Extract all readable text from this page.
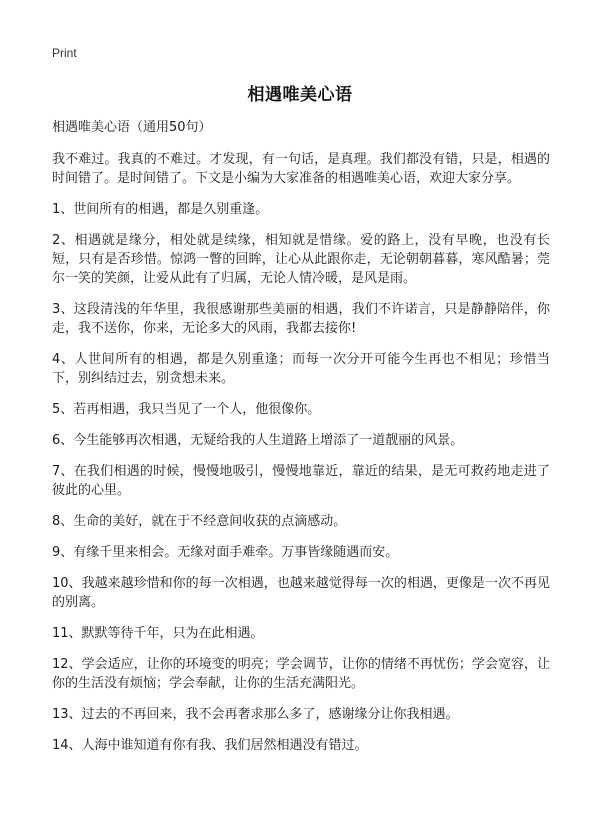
Print
相遇唯美心语

相遇唯美心语（通用50句）

我不难过。我真的不难过。才发现，有一句话，是真理。我们都没有错，只是，相遇的时间错了。是时间错了。下文是小编为大家准备的相遇唯美心语，欢迎大家分享。

1、世间所有的相遇，都是久别重逢。

2、相遇就是缘分，相处就是续缘，相知就是惜缘。爱的路上，没有早晚，也没有长短，只有是否珍惜。惊鸿一瞥的回眸，让心从此跟你走，无论朝朝暮暮，寒风酷暑；莞尔一笑的笑颜，让爱从此有了归属，无论人情冷暖，是风是雨。

3、这段清浅的年华里，我很感谢那些美丽的相遇，我们不许诺言，只是静静陪伴，你走，我不送你，你来，无论多大的风雨，我都去接你!

4、人世间所有的相遇，都是久别重逢；而每一次分开可能今生再也不相见；珍惜当下，别纠结过去，别贪想未来。

5、若再相遇，我只当见了一个人，他很像你。

6、今生能够再次相遇，无疑给我的人生道路上增添了一道靓丽的风景。

7、在我们相遇的时候，慢慢地吸引，慢慢地靠近，靠近的结果，是无可救药地走进了彼此的心里。

8、生命的美好，就在于不经意间收获的点滴感动。

9、有缘千里来相会。无缘对面手难牵。万事皆缘随遇而安。

10、我越来越珍惜和你的每一次相遇，也越来越觉得每一次的相遇，更像是一次不再见的别离。

11、默默等待千年，只为在此相遇。

12、学会适应，让你的环境变的明亮；学会调节，让你的情绪不再忧伤；学会宽容，让你的生活没有烦恼；学会奉献，让你的生活充满阳光。

13、过去的不再回来，我不会再奢求那么多了，感谢缘分让你我相遇。

14、人海中谁知道有你有我、我们居然相遇没有错过。
